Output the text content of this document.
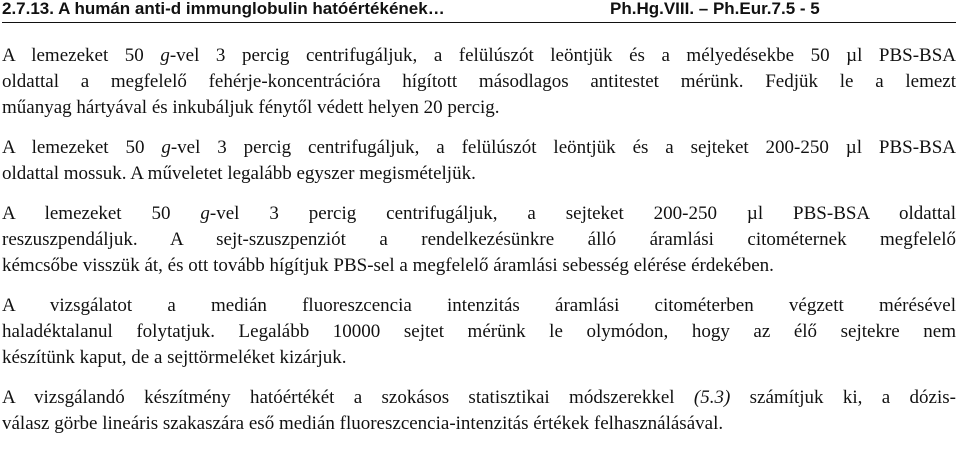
2.7.13. A humán anti-d immunglobulin hatóértékének…	Ph.Hg.VIII. – Ph.Eur.7.5 - 5
A lemezeket 50 g-vel 3 percig centrifugáljuk, a felülúszót leöntjük és a mélyedésekbe 50 µl PBS-BSA
oldattal a megfelelő fehérje-koncentrációra hígított másodlagos antitestet mérünk. Fedjük le a lemezt
műanyag hártyával és inkubáljuk fénytől védett helyen 20 percig.
A lemezeket 50 g-vel 3 percig centrifugáljuk, a felülúszót leöntjük és a sejteket 200-250 µl PBS-BSA
oldattal mossuk. A műveletet legalább egyszer megismételjük.
A lemezeket 50 g-vel 3 percig centrifugáljuk, a sejteket 200-250 µl PBS-BSA oldattal
reszuszpendáljuk. A sejt-szuszpenziót a rendelkezésünkre álló áramlási citométernek megfelelő
kémcsőbe visszük át, és ott tovább hígítjuk PBS-sel a megfelelő áramlási sebesség elérése érdekében.
A vizsgálatot a medián fluoreszcencia intenzitás áramlási citométerben végzett mérésével
haladéktalanul folytatjuk. Legalább 10000 sejtet mérünk le olymódon, hogy az élő sejtekre nem
készítünk kaput, de a sejttörmeléket kizárjuk.
A vizsgálandó készítmény hatóértékét a szokásos statisztikai módszerekkel (5.3) számítjuk ki, a dózis-
válasz görbe lineáris szakaszára eső medián fluoreszcencia-intenzitás értékek felhasználásával.
